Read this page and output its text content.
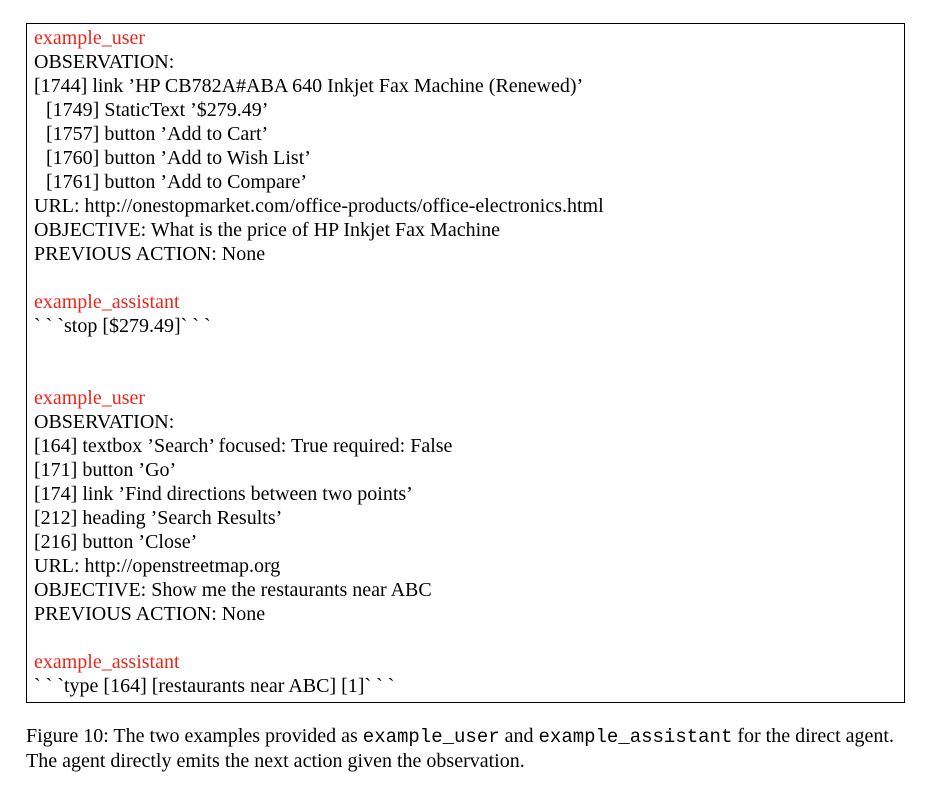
example_user
OBSERVATION:
[1744] link ’HP CB782A#ABA 640 Inkjet Fax Machine (Renewed)’
[1749] StaticText ’$279.49’
[1757] button ’Add to Cart’
[1760] button ’Add to Wish List’
[1761] button ’Add to Compare’
URL: http://onestopmarket.com/office-products/office-electronics.html
OBJECTIVE: What is the price of HP Inkjet Fax Machine
PREVIOUS ACTION: None
example_assistant
` ` `stop [$279.49]` ` `
example_user
OBSERVATION:
[164] textbox ’Search’ focused: True required: False
[171] button ’Go’
[174] link ’Find directions between two points’
[212] heading ’Search Results’
[216] button ’Close’
URL: http://openstreetmap.org
OBJECTIVE: Show me the restaurants near ABC
PREVIOUS ACTION: None
example_assistant
` ` `type [164] [restaurants near ABC] [1]` ` `
Figure 10: The two examples provided as example_user and example_assistant for the direct agent. The agent directly emits the next action given the observation.
